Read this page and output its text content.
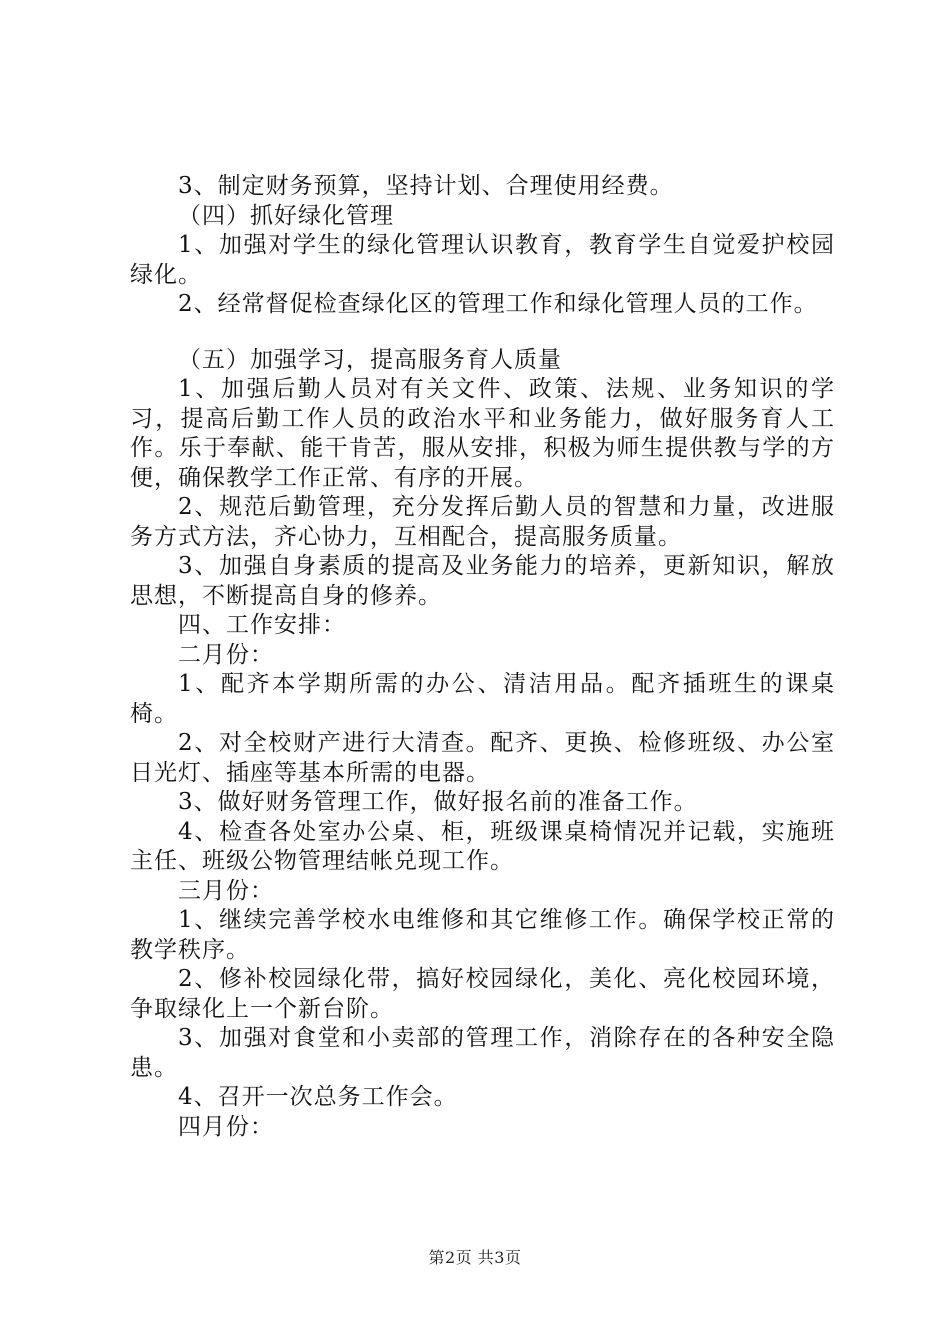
3、制定财务预算，坚持计划、合理使用经费。

（四）抓好绿化管理

1、加强对学生的绿化管理认识教育，教育学生自觉爱护校园绿化。

2、经常督促检查绿化区的管理工作和绿化管理人员的工作。

（五）加强学习，提高服务育人质量

1、加强后勤人员对有关文件、政策、法规、业务知识的学习，提高后勤工作人员的政治水平和业务能力，做好服务育人工作。乐于奉献、能干肯苦，服从安排，积极为师生提供教与学的方便，确保教学工作正常、有序的开展。

2、规范后勤管理，充分发挥后勤人员的智慧和力量，改进服务方式方法，齐心协力，互相配合，提高服务质量。

3、加强自身素质的提高及业务能力的培养，更新知识，解放思想，不断提高自身的修养。

四、工作安排：

二月份：

1、配齐本学期所需的办公、清洁用品。配齐插班生的课桌椅。

2、对全校财产进行大清查。配齐、更换、检修班级、办公室日光灯、插座等基本所需的电器。

3、做好财务管理工作，做好报名前的准备工作。

4、检查各处室办公桌、柜，班级课桌椅情况并记载，实施班主任、班级公物管理结帐兑现工作。

三月份：

1、继续完善学校水电维修和其它维修工作。确保学校正常的教学秩序。

2、修补校园绿化带，搞好校园绿化，美化、亮化校园环境，争取绿化上一个新台阶。

3、加强对食堂和小卖部的管理工作，消除存在的各种安全隐患。

4、召开一次总务工作会。

四月份：

第2页 共3页
